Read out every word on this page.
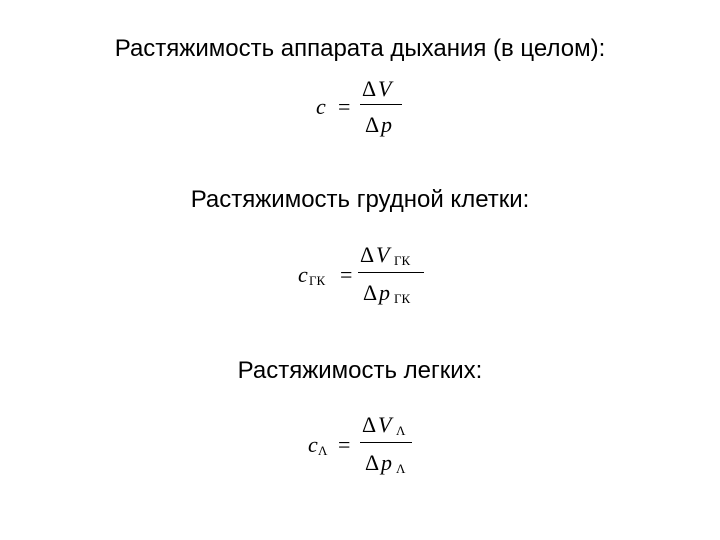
Растяжимость аппарата дыхания (в целом):
c =
Δ V
Δ p
Растяжимость грудной клетки:
c ГК =
Δ V ГК
Δ p ГК
Растяжимость легких:
c Λ =
Δ V Λ
Δ p Λ
